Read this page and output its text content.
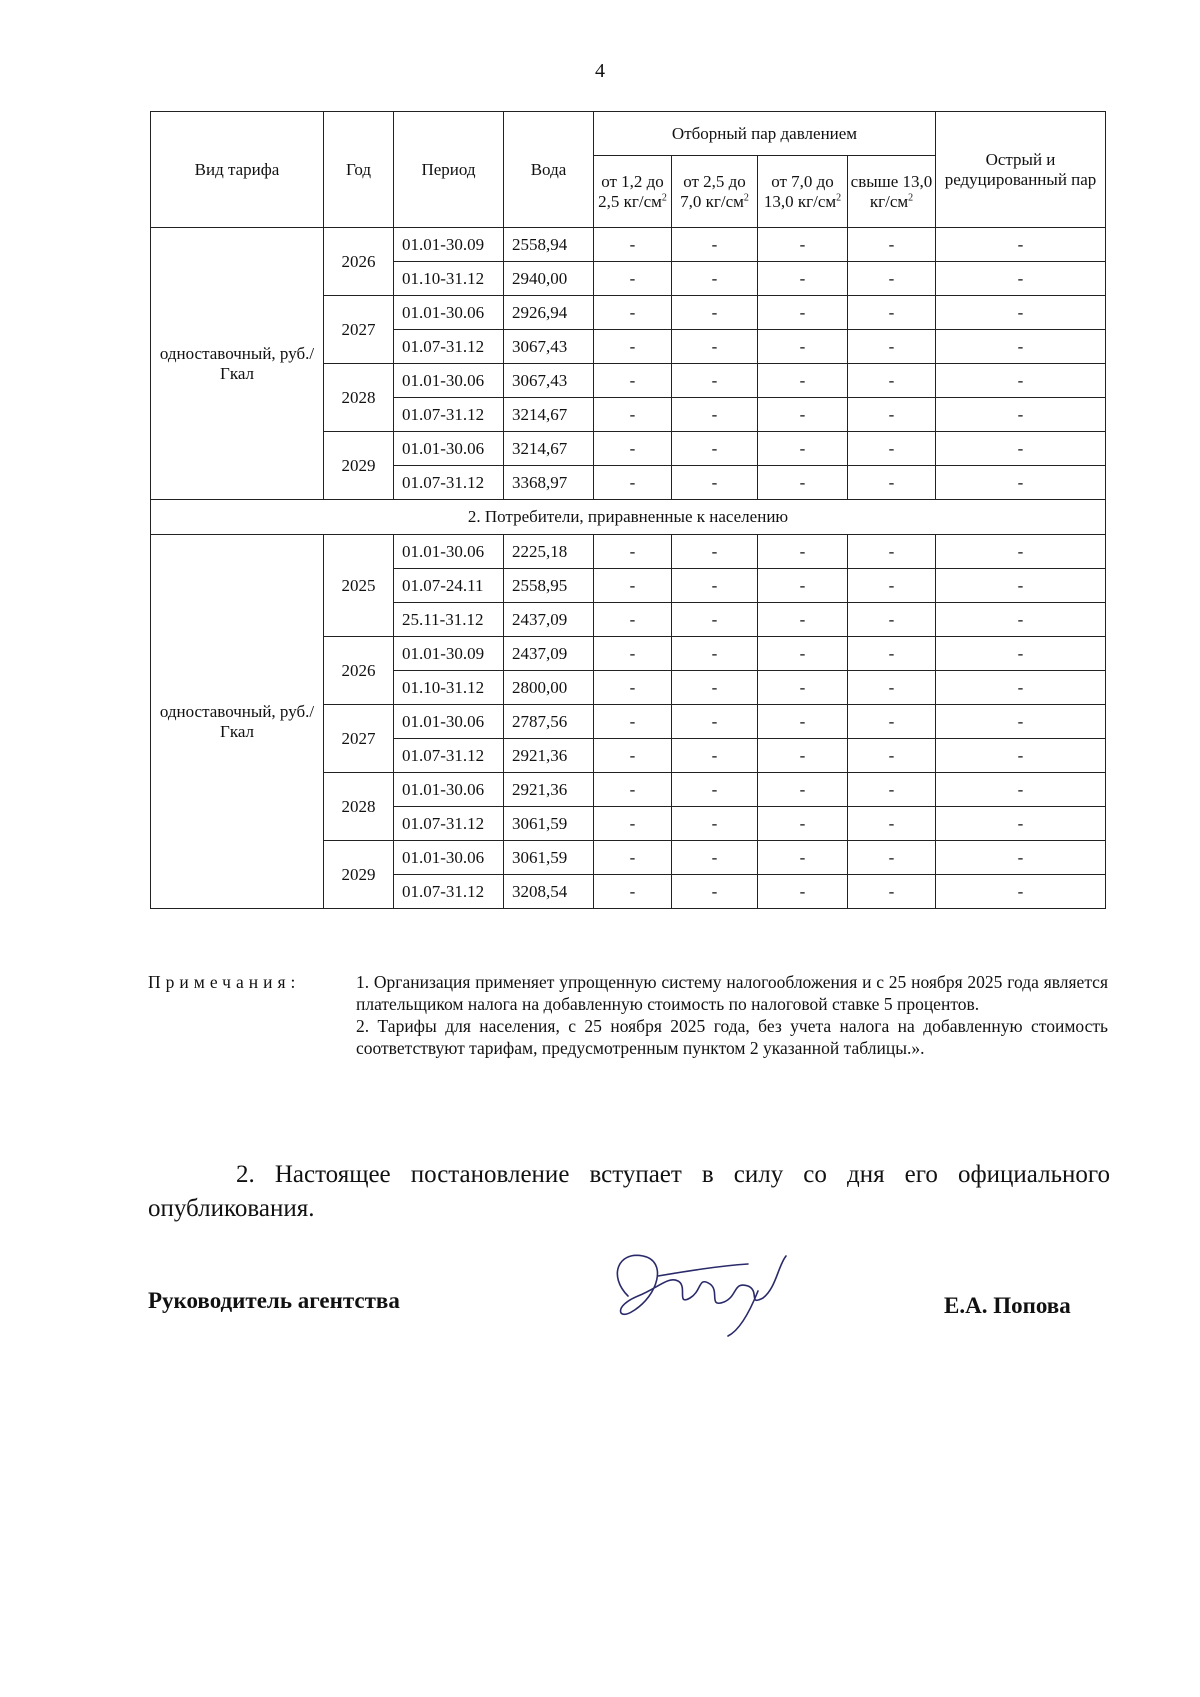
4
Вид тарифа	Год	Период	Вода	Отборный пар давлением				Острый и редуцированный пар
				от 1,2 до 2,5 $кг/см^2$	от 2,5 до 7,0 $кг/см^2$	от 7,0 до 13,0 $кг/см^2$	свыше 13,0 $кг/см^2$
одноставочный, руб./Гкал	2026	01.01-30.09	2558,94	-	-	-	-	-
		01.10-31.12	2940,00	-	-	-	-	-
	2027	01.01-30.06	2926,94	-	-	-	-	-
		01.07-31.12	3067,43	-	-	-	-	-
	2028	01.01-30.06	3067,43	-	-	-	-	-
		01.07-31.12	3214,67	-	-	-	-	-
	2029	01.01-30.06	3214,67	-	-	-	-	-
		01.07-31.12	3368,97	-	-	-	-	-
2. Потребители, приравненные к населению								
одноставочный, руб./Гкал	2025	01.01-30.06	2225,18	-	-	-	-	-
		01.07-24.11	2558,95	-	-	-	-	-
		25.11-31.12	2437,09	-	-	-	-	-
	2026	01.01-30.09	2437,09	-	-	-	-	-
		01.10-31.12	2800,00	-	-	-	-	-
	2027	01.01-30.06	2787,56	-	-	-	-	-
		01.07-31.12	2921,36	-	-	-	-	-
	2028	01.01-30.06	2921,36	-	-	-	-	-
		01.07-31.12	3061,59	-	-	-	-	-
	2029	01.01-30.06	3061,59	-	-	-	-	-
		01.07-31.12	3208,54	-	-	-	-	-
Примечания:	1. Организация применяет упрощенную систему налогообложения и с 25 ноября 2025 года является плательщиком налога на добавленную стоимость по налоговой ставке 5 процентов.

2. Тарифы для населения, с 25 ноября 2025 года, без учета налога на добавленную стоимость соответствуют тарифам, предусмотренным пунктом 2 указанной таблицы.».

2. Настоящее постановление вступает в силу со дня его официального опубликования.
Руководитель агентства	Е.А. Попова
